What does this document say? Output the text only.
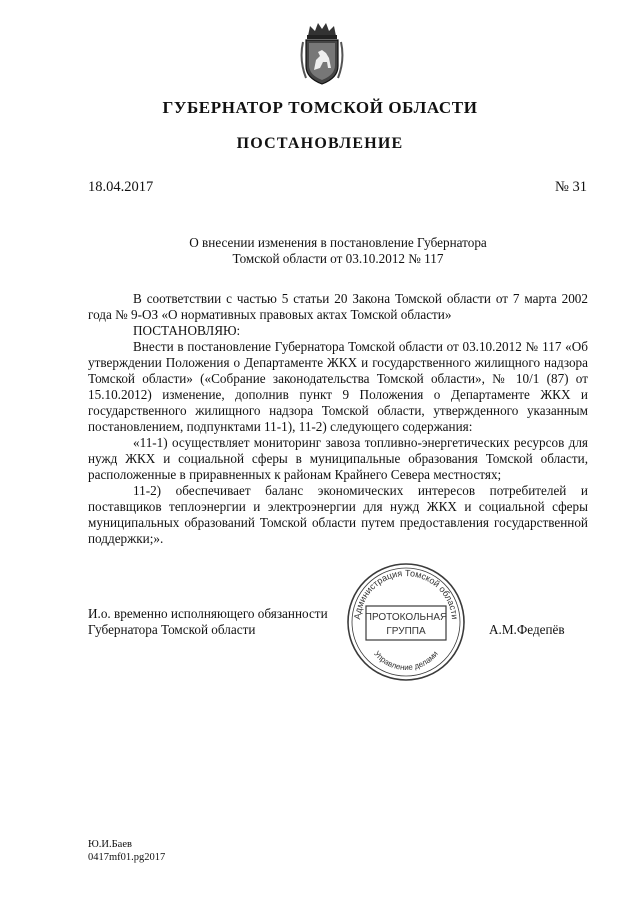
ГУБЕРНАТОР ТОМСКОЙ ОБЛАСТИ
ПОСТАНОВЛЕНИЕ
18.04.2017	№ 31
О внесении изменения в постановление Губернатора
Томской области от 03.10.2012 № 117

В соответствии с частью 5 статьи 20 Закона Томской области от 7 марта 2002 года № 9-ОЗ «О нормативных правовых актах Томской области»

ПОСТАНОВЛЯЮ:

Внести в постановление Губернатора Томской области от 03.10.2012 № 117 «Об утверждении Положения о Департаменте ЖКХ и государственного жилищного надзора Томской области» («Собрание законодательства Томской области», № 10/1 (87) от 15.10.2012) изменение, дополнив пункт 9 Положения о Департаменте ЖКХ и государственного жилищного надзора Томской области, утвержденного указанным постановлением, подпунктами 11-1), 11-2) следующего содержания:

«11-1) осуществляет мониторинг завоза топливно-энергетических ресурсов для нужд ЖКХ и социальной сферы в муниципальные образования Томской области, расположенные в приравненных к районам Крайнего Севера местностях;

11-2) обеспечивает баланс экономических интересов потребителей и поставщиков теплоэнергии и электроэнергии для нужд ЖКХ и социальной сферы муниципальных образований Томской области путем предоставления государственной поддержки;».

И.о. временно исполняющего обязанности
Губернатора Томской области	А.М.Федепёв
Администрация Томской области
Управление делами
ПРОТОКОЛЬНАЯ
ГРУППА
Ю.И.Баев
0417mf01.pg2017
